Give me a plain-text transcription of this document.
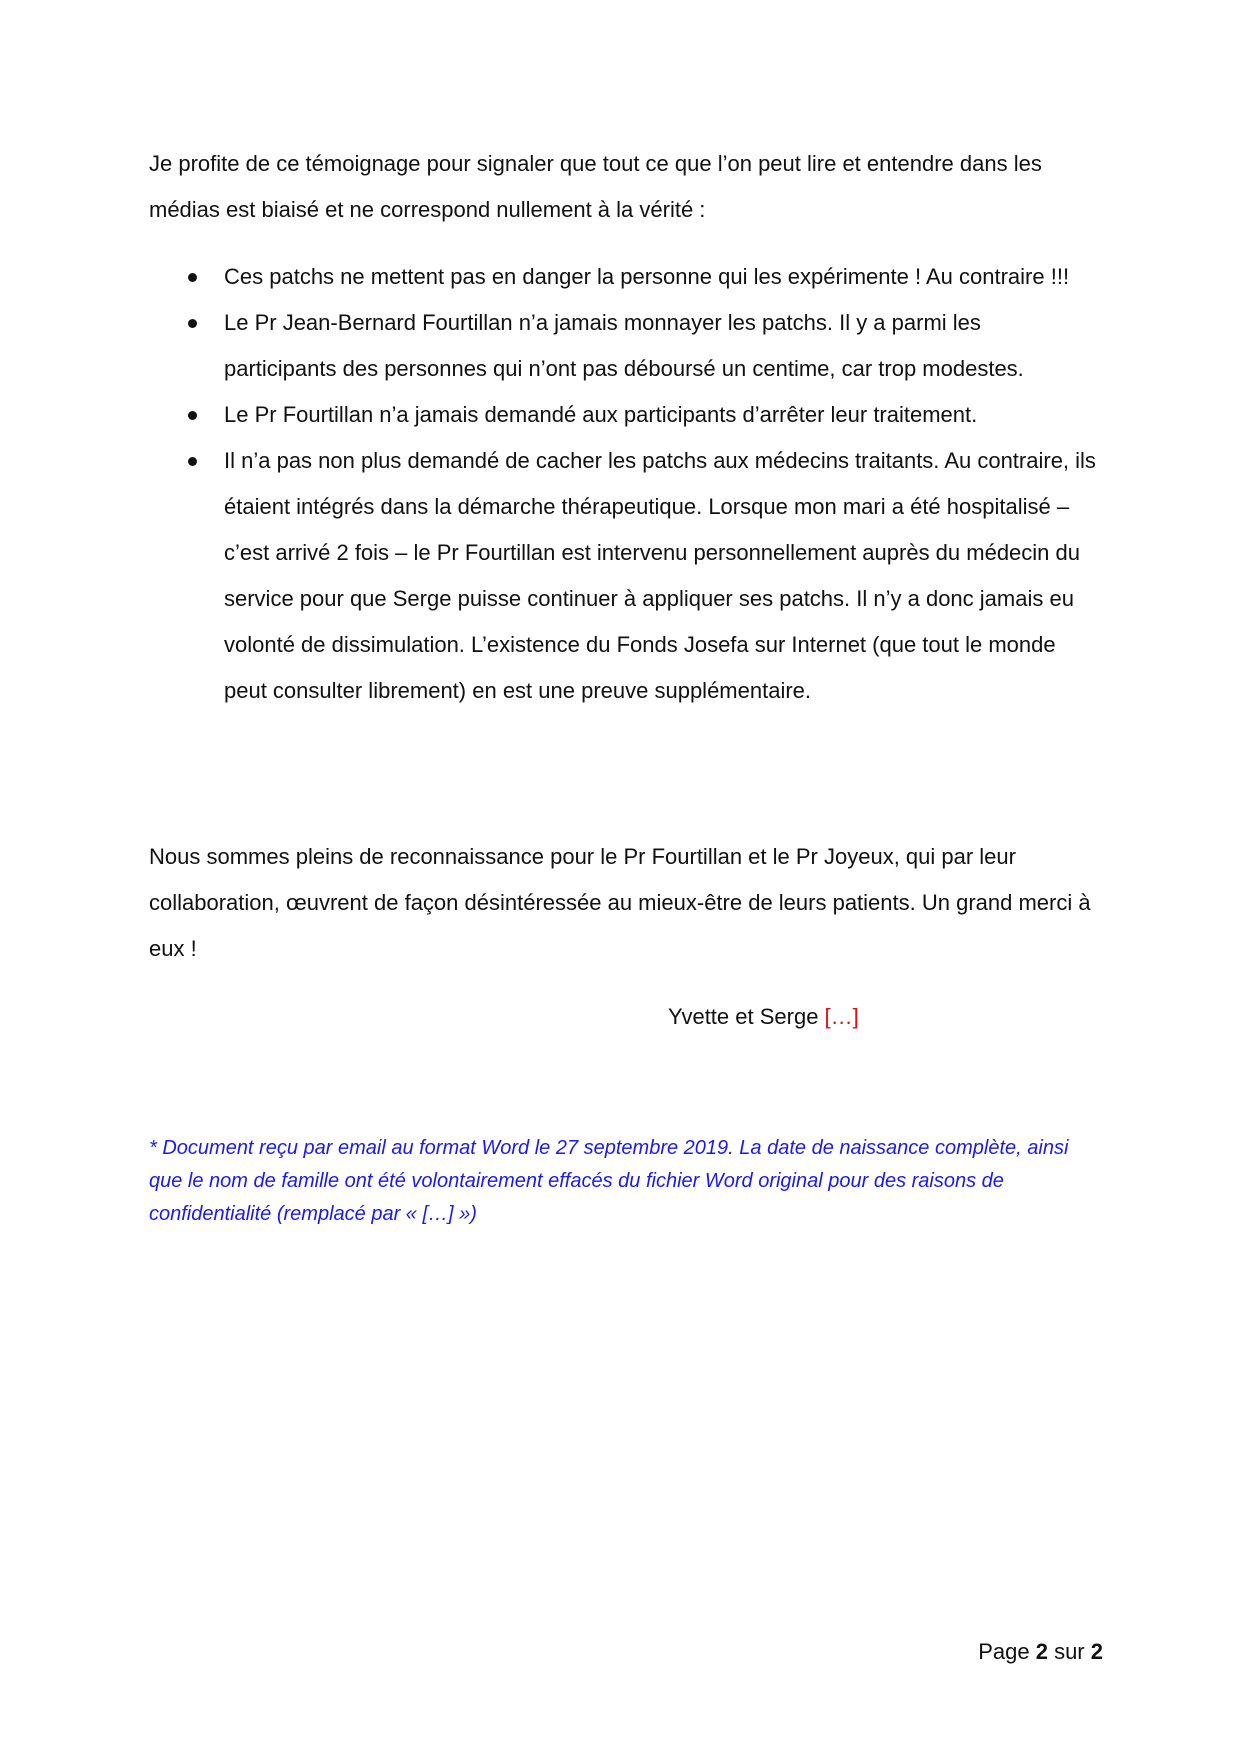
Je profite de ce témoignage pour signaler que tout ce que l’on peut lire et entendre dans les médias est biaisé et ne correspond nullement à la vérité :

Ces patchs ne mettent pas en danger la personne qui les expérimente ! Au contraire !!!
Le Pr Jean-Bernard Fourtillan n’a jamais monnayer les patchs. Il y a parmi les participants des personnes qui n’ont pas déboursé un centime, car trop modestes.
Le Pr Fourtillan n’a jamais demandé aux participants d’arrêter leur traitement.
Il n’a pas non plus demandé de cacher les patchs aux médecins traitants. Au contraire, ils étaient intégrés dans la démarche thérapeutique. Lorsque mon mari a été hospitalisé – c’est arrivé 2 fois – le Pr Fourtillan est intervenu personnellement auprès du médecin du service pour que Serge puisse continuer à appliquer ses patchs. Il n’y a donc jamais eu volonté de dissimulation. L’existence du Fonds Josefa sur Internet (que tout le monde peut consulter librement) en est une preuve supplémentaire.

Nous sommes pleins de reconnaissance pour le Pr Fourtillan et le Pr Joyeux, qui par leur collaboration, œuvrent de façon désintéressée au mieux-être de leurs patients. Un grand merci à eux !

Yvette et Serge […]

* Document reçu par email au format Word le 27 septembre 2019. La date de naissance complète, ainsi que le nom de famille ont été volontairement effacés du fichier Word original pour des raisons de confidentialité (remplacé par « […] »)

Page 2 sur 2
